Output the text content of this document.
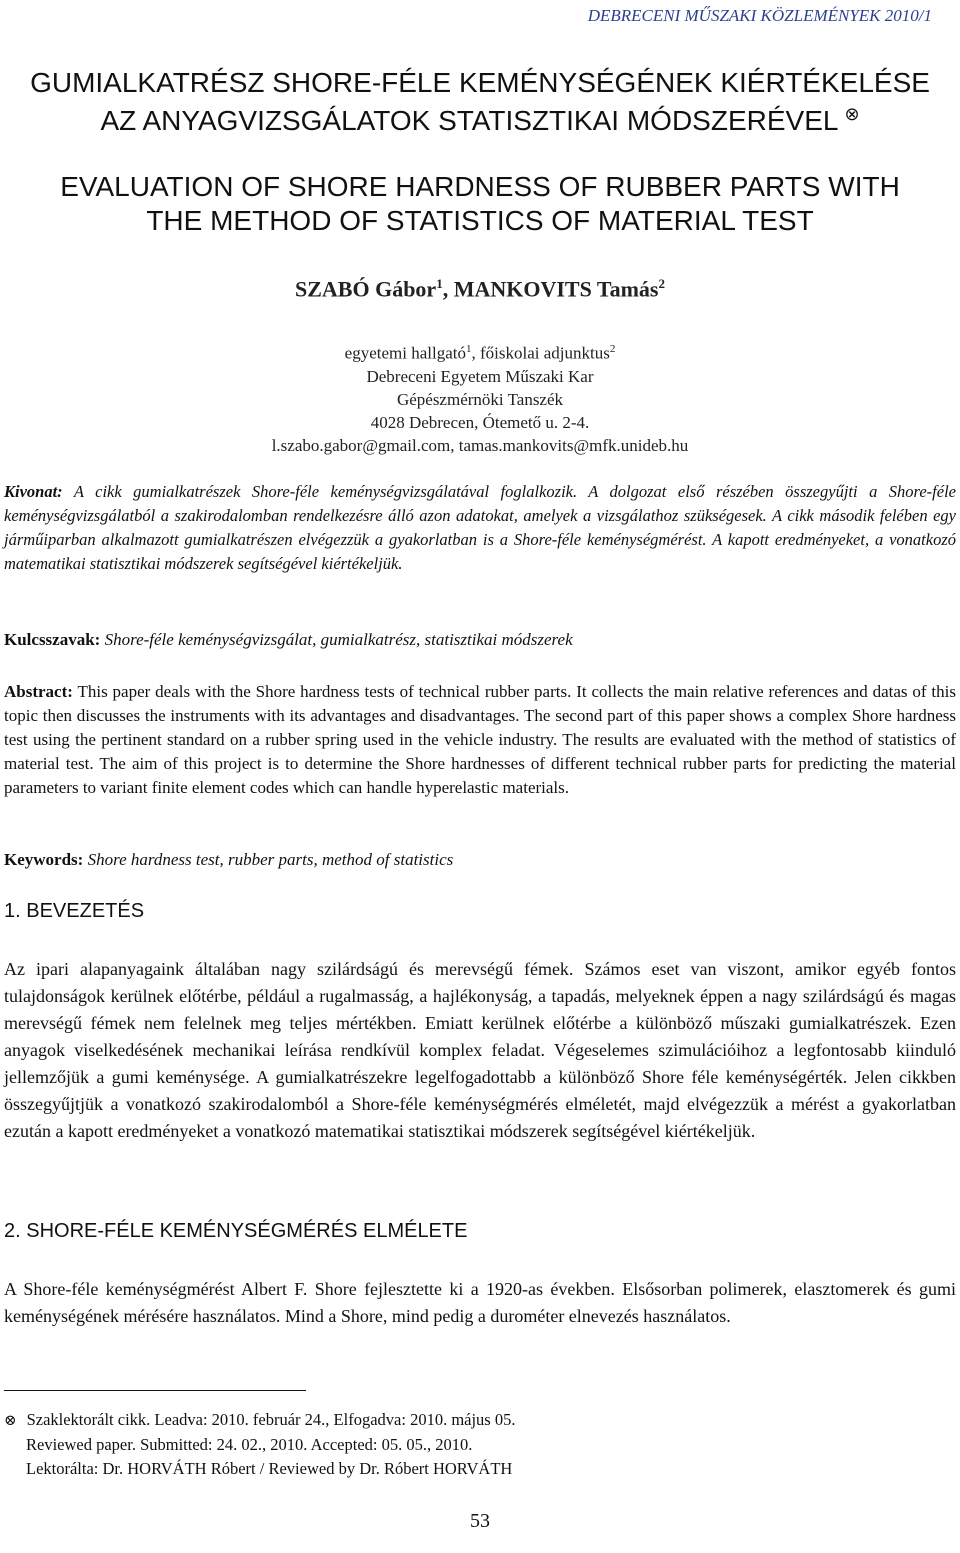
DEBRECENI MŰSZAKI KÖZLEMÉNYEK 2010/1
GUMIALKATRÉSZ SHORE-FÉLE KEMÉNYSÉGÉNEK KIÉRTÉKELÉSE
AZ ANYAGVIZSGÁLATOK STATISZTIKAI MÓDSZERÉVEL ⊗
EVALUATION OF SHORE HARDNESS OF RUBBER PARTS WITH
THE METHOD OF STATISTICS OF MATERIAL TEST
SZABÓ Gábor$^1$, MANKOVITS Tamás$^2$
egyetemi hallgató$^1$, főiskolai adjunktus$^2$
Debreceni Egyetem Műszaki Kar
Gépészmérnöki Tanszék
4028 Debrecen, Ótemető u. 2-4.
l.szabo.gabor@gmail.com, tamas.mankovits@mfk.unideb.hu
Kivonat: A cikk gumialkatrészek Shore-féle keménységvizsgálatával foglalkozik. A dolgozat első részében összegyűjti a Shore-féle keménységvizsgálatból a szakirodalomban rendelkezésre álló azon adatokat, amelyek a vizsgálathoz szükségesek. A cikk második felében egy járműiparban alkalmazott gumialkatrészen elvégezzük a gyakorlatban is a Shore-féle keménységmérést. A kapott eredményeket, a vonatkozó matematikai statisztikai módszerek segítségével kiértékeljük.
Kulcsszavak: Shore-féle keménységvizsgálat, gumialkatrész, statisztikai módszerek
Abstract: This paper deals with the Shore hardness tests of technical rubber parts. It collects the main relative references and datas of this topic then discusses the instruments with its advantages and disadvantages. The second part of this paper shows a complex Shore hardness test using the pertinent standard on a rubber spring used in the vehicle industry. The results are evaluated with the method of statistics of material test. The aim of this project is to determine the Shore hardnesses of different technical rubber parts for predicting the material parameters to variant finite element codes which can handle hyperelastic materials.
Keywords: Shore hardness test, rubber parts, method of statistics
1. BEVEZETÉS
Az ipari alapanyagaink általában nagy szilárdságú és merevségű fémek. Számos eset van viszont, amikor egyéb fontos tulajdonságok kerülnek előtérbe, például a rugalmasság, a hajlékonyság, a tapadás, melyeknek éppen a nagy szilárdságú és magas merevségű fémek nem felelnek meg teljes mértékben. Emiatt kerülnek előtérbe a különböző műszaki gumialkatrészek. Ezen anyagok viselkedésének mechanikai leírása rendkívül komplex feladat. Végeselemes szimulációihoz a legfontosabb kiinduló jellemzőjük a gumi keménysége. A gumialkatrészekre legelfogadottabb a különböző Shore féle keménységérték. Jelen cikkben összegyűjtjük a vonatkozó szakirodalomból a Shore-féle keménységmérés elméletét, majd elvégezzük a mérést a gyakorlatban ezután a kapott eredményeket a vonatkozó matematikai statisztikai módszerek segítségével kiértékeljük.
2. SHORE-FÉLE KEMÉNYSÉGMÉRÉS ELMÉLETE
A Shore-féle keménységmérést Albert F. Shore fejlesztette ki a 1920-as években. Elsősorban polimerek, elasztomerek és gumi keménységének mérésére használatos. Mind a Shore, mind pedig a durométer elnevezés használatos.
⊗ Szaklektorált cikk. Leadva: 2010. február 24., Elfogadva: 2010. május 05.
Reviewed paper. Submitted: 24. 02., 2010. Accepted: 05. 05., 2010.
Lektorálta: Dr. HORVÁTH Róbert / Reviewed by Dr. Róbert HORVÁTH
53
